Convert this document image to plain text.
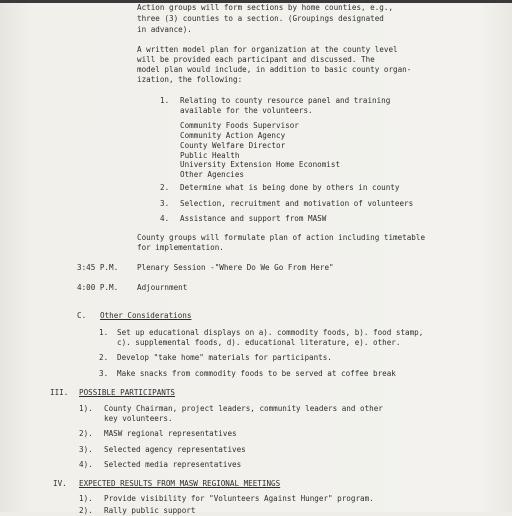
Action groups will form sections by home counties, e.g.,
three (3) counties to a section. (Groupings designated
in advance).
A written model plan for organization at the county level
will be provided each participant and discussed. The
model plan would include, in addition to basic county organ-
ization, the following:
1. Relating to county resource panel and training
available for the volunteers.
Community Foods Supervisor
Community Action Agency
County Welfare Director
Public Health
University Extension Home Economist
Other Agencies
2. Determine what is being done by others in county
3. Selection, recruitment and motivation of volunteers
4. Assistance and support from MASW
County groups will formulate plan of action including timetable
for implementation.
3:45 P.M. Plenary Session -"Where Do We Go From Here"
4:00 P.M. Adjournment
C. Other Considerations
1. Set up educational displays on a). commodity foods, b). food stamp,
c). supplemental foods, d). educational literature, e). other.
2. Develop "take home" materials for participants.
3. Make snacks from commodity foods to be served at coffee break
III. POSSIBLE PARTICIPANTS
1). County Chairman, project leaders, community leaders and other
key volunteers.
2). MASW regional representatives
3). Selected agency representatives
4). Selected media representatives
IV. EXPECTED RESULTS FROM MASW REGIONAL MEETINGS
1). Provide visibility for "Volunteers Against Hunger" program.
2). Rally public support
